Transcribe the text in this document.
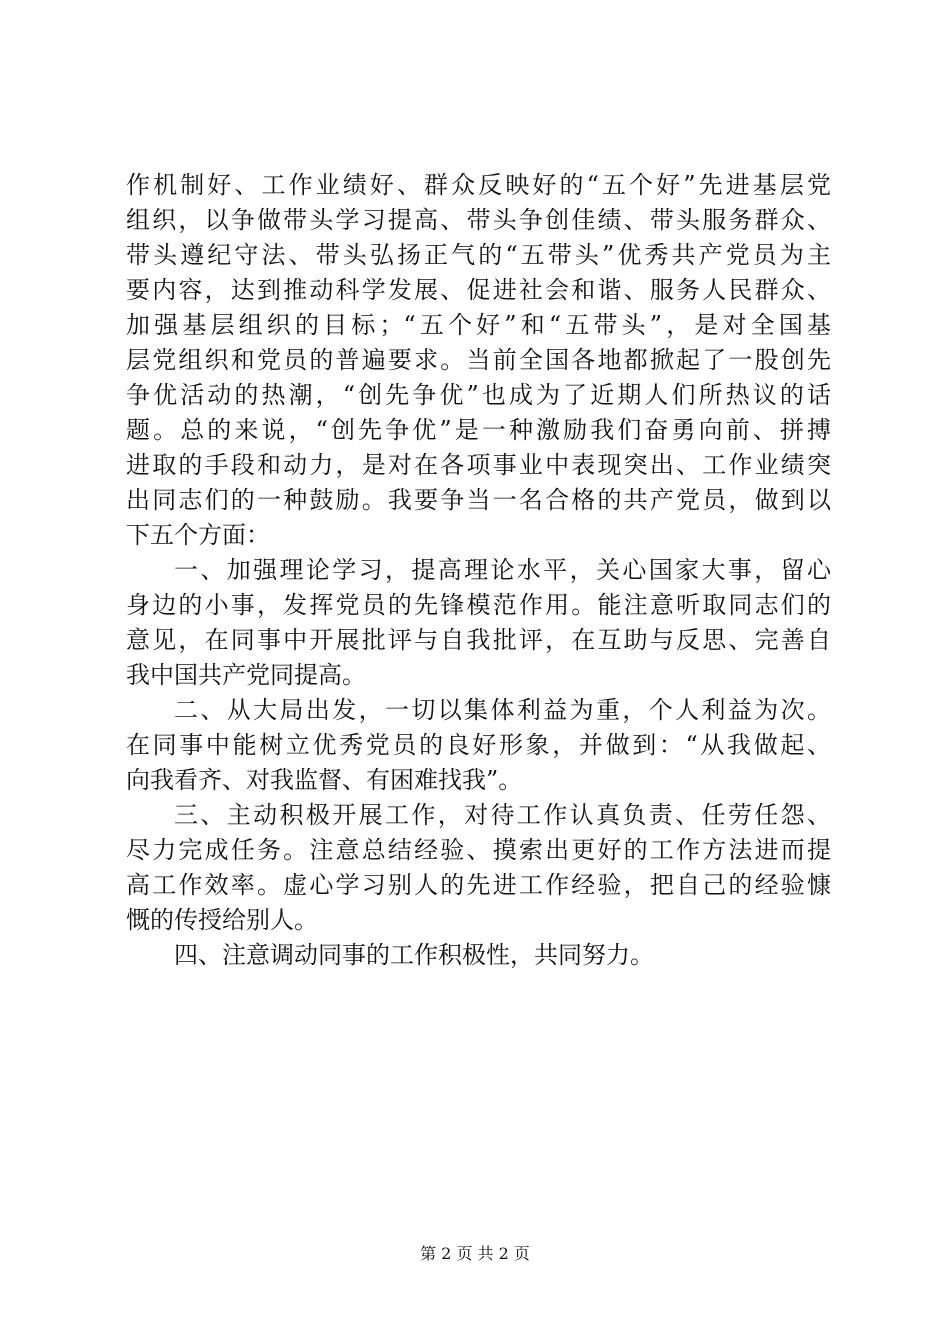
作机制好、工作业绩好、群众反映好的“五个好”先进基层党
组织，以争做带头学习提高、带头争创佳绩、带头服务群众、
带头遵纪守法、带头弘扬正气的“五带头”优秀共产党员为主
要内容，达到推动科学发展、促进社会和谐、服务人民群众、
加强基层组织的目标；“五个好”和“五带头”，是对全国基
层党组织和党员的普遍要求。当前全国各地都掀起了一股创先
争优活动的热潮，“创先争优”也成为了近期人们所热议的话
题。总的来说，“创先争优”是一种激励我们奋勇向前、拼搏
进取的手段和动力，是对在各项事业中表现突出、工作业绩突
出同志们的一种鼓励。我要争当一名合格的共产党员，做到以
下五个方面：
一、加强理论学习，提高理论水平，关心国家大事，留心
身边的小事，发挥党员的先锋模范作用。能注意听取同志们的
意见，在同事中开展批评与自我批评，在互助与反思、完善自
我中国共产党同提高。
二、从大局出发，一切以集体利益为重，个人利益为次。
在同事中能树立优秀党员的良好形象，并做到：“从我做起、
向我看齐、对我监督、有困难找我”。
三、主动积极开展工作，对待工作认真负责、任劳任怨、
尽力完成任务。注意总结经验、摸索出更好的工作方法进而提
高工作效率。虚心学习别人的先进工作经验，把自己的经验慷
慨的传授给别人。
四、注意调动同事的工作积极性，共同努力。
第 2 页 共 2 页
